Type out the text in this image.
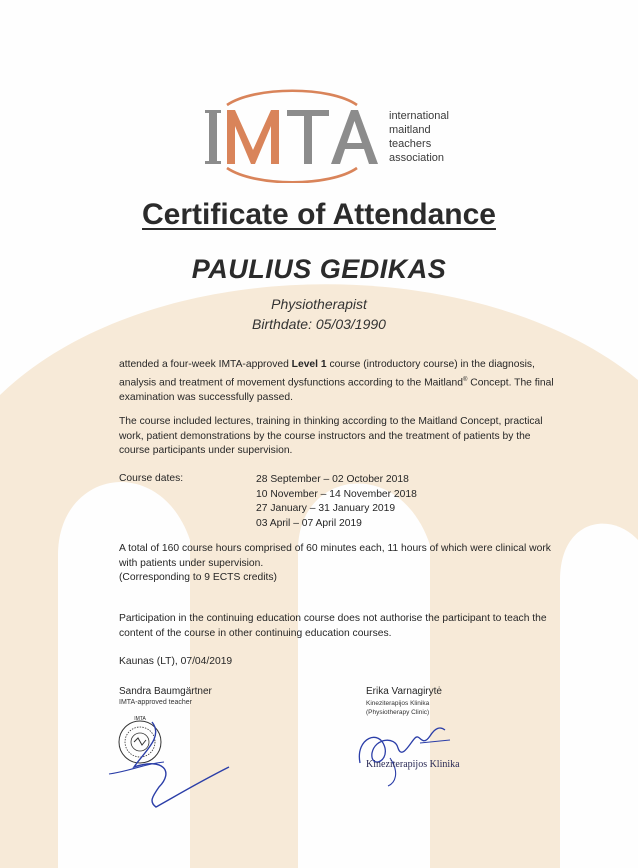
international
maitland
teachers
association
Certificate of Attendance
PAULIUS GEDIKAS
Physiotherapist
Birthdate: 05/03/1990
attended a four-week IMTA-approved Level 1 course (introductory course) in the diagnosis, analysis and treatment of movement dysfunctions according to the Maitland® Concept. The final examination was successfully passed.
The course included lectures, training in thinking according to the Maitland Concept, practical work, patient demonstrations by the course instructors and the treatment of patients by the course participants under supervision.
Course dates:	28 September – 02 October 2018
10 November – 14 November 2018
27 January – 31 January 2019
03 April – 07 April 2019
A total of 160 course hours comprised of 60 minutes each, 11 hours of which were clinical work with patients under supervision.
(Corresponding to 9 ECTS credits)
Participation in the continuing education course does not authorise the participant to teach the content of the course in other continuing education courses.
Kaunas (LT), 07/04/2019
Sandra Baumgärtner
IMTA-approved teacher
IMTA
Erika Varnagirytė
Kineziterapijos Klinika
(Physiotherapy Clinic)
Kineziterapijos Klinika
